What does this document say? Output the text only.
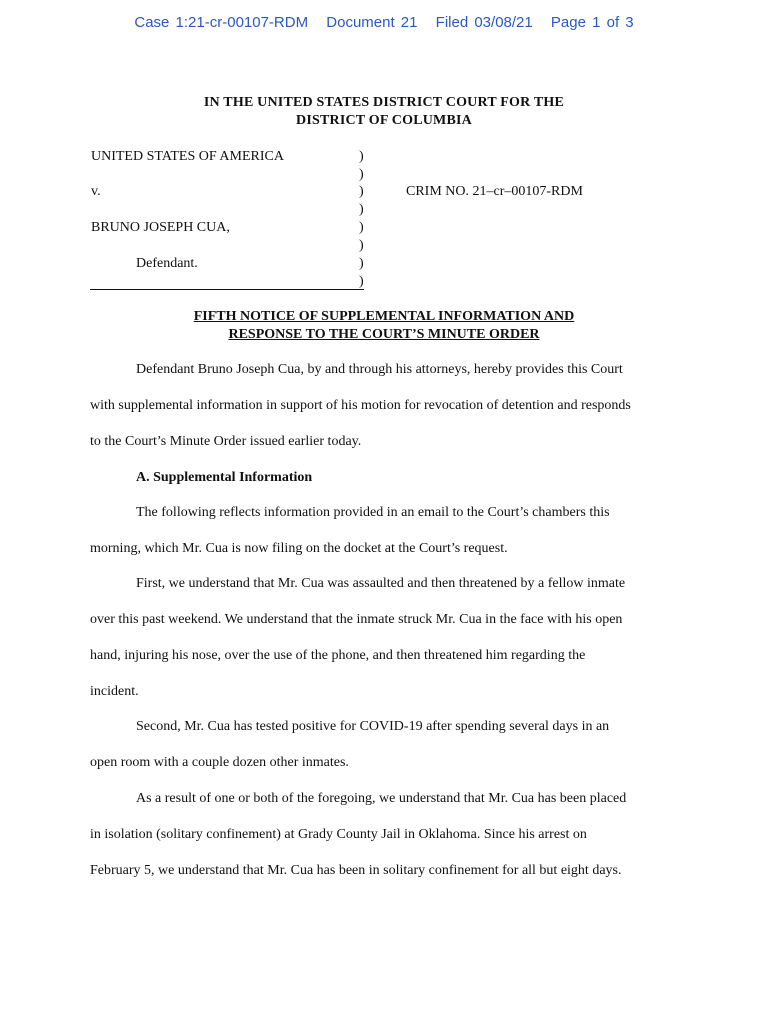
Case 1:21-cr-00107-RDM Document 21 Filed 03/08/21 Page 1 of 3
IN THE UNITED STATES DISTRICT COURT FOR THE
DISTRICT OF COLUMBIA
UNITED STATES OF AMERICA
v.
BRUNO JOSEPH CUA,
Defendant.
CRIM NO. 21–cr–00107-RDM
)
)
)
)
)
)
)
)
FIFTH NOTICE OF SUPPLEMENTAL INFORMATION AND
RESPONSE TO THE COURT’S MINUTE ORDER
Defendant Bruno Joseph Cua, by and through his attorneys, hereby provides this Court
with supplemental information in support of his motion for revocation of detention and responds
to the Court’s Minute Order issued earlier today.
A. Supplemental Information
The following reflects information provided in an email to the Court’s chambers this
morning, which Mr. Cua is now filing on the docket at the Court’s request.
First, we understand that Mr. Cua was assaulted and then threatened by a fellow inmate
over this past weekend. We understand that the inmate struck Mr. Cua in the face with his open
hand, injuring his nose, over the use of the phone, and then threatened him regarding the
incident.
Second, Mr. Cua has tested positive for COVID-19 after spending several days in an
open room with a couple dozen other inmates.
As a result of one or both of the foregoing, we understand that Mr. Cua has been placed
in isolation (solitary confinement) at Grady County Jail in Oklahoma. Since his arrest on
February 5, we understand that Mr. Cua has been in solitary confinement for all but eight days.
